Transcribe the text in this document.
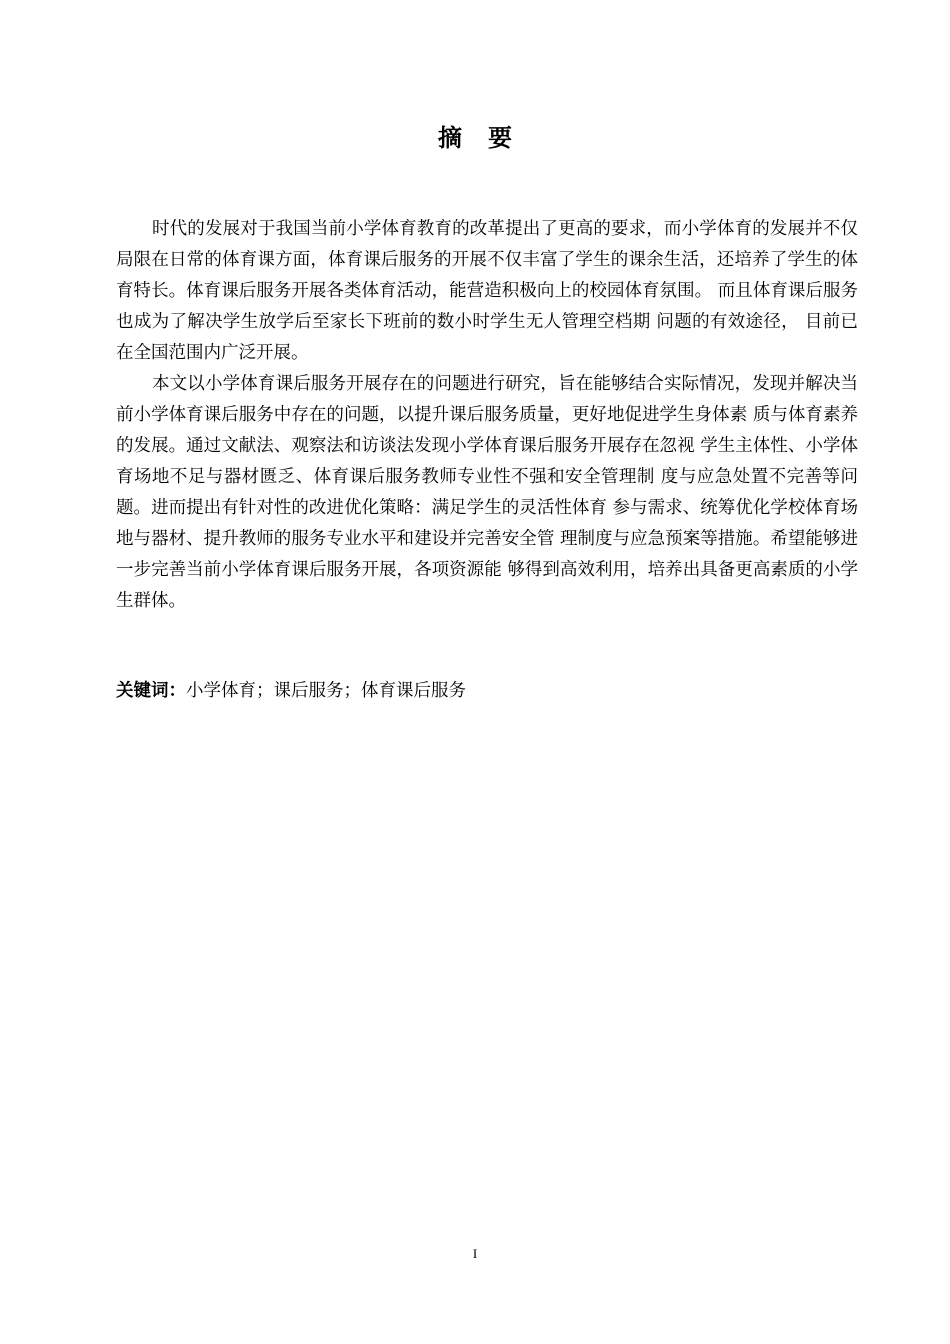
摘要

时代的发展对于我国当前小学体育教育的改革提出了更高的要求，而小学体育的发展并不仅局限在日常的体育课方面，体育课后服务的开展不仅丰富了学生的课余生活，还培养了学生的体育特长。体育课后服务开展各类体育活动，能营造积极向上的校园体育氛围。 而且体育课后服务也成为了解决学生放学后至家长下班前的数小时学生无人管理空档期 问题的有效途径， 目前已在全国范围内广泛开展。

本文以小学体育课后服务开展存在的问题进行研究，旨在能够结合实际情况，发现并解决当前小学体育课后服务中存在的问题，以提升课后服务质量，更好地促进学生身体素 质与体育素养的发展。通过文献法、观察法和访谈法发现小学体育课后服务开展存在忽视 学生主体性、小学体育场地不足与器材匮乏、体育课后服务教师专业性不强和安全管理制 度与应急处置不完善等问题。进而提出有针对性的改进优化策略：满足学生的灵活性体育 参与需求、统筹优化学校体育场地与器材、提升教师的服务专业水平和建设并完善安全管 理制度与应急预案等措施。希望能够进一步完善当前小学体育课后服务开展，各项资源能 够得到高效利用，培养出具备更高素质的小学生群体。

关键词：小学体育；课后服务；体育课后服务

I
